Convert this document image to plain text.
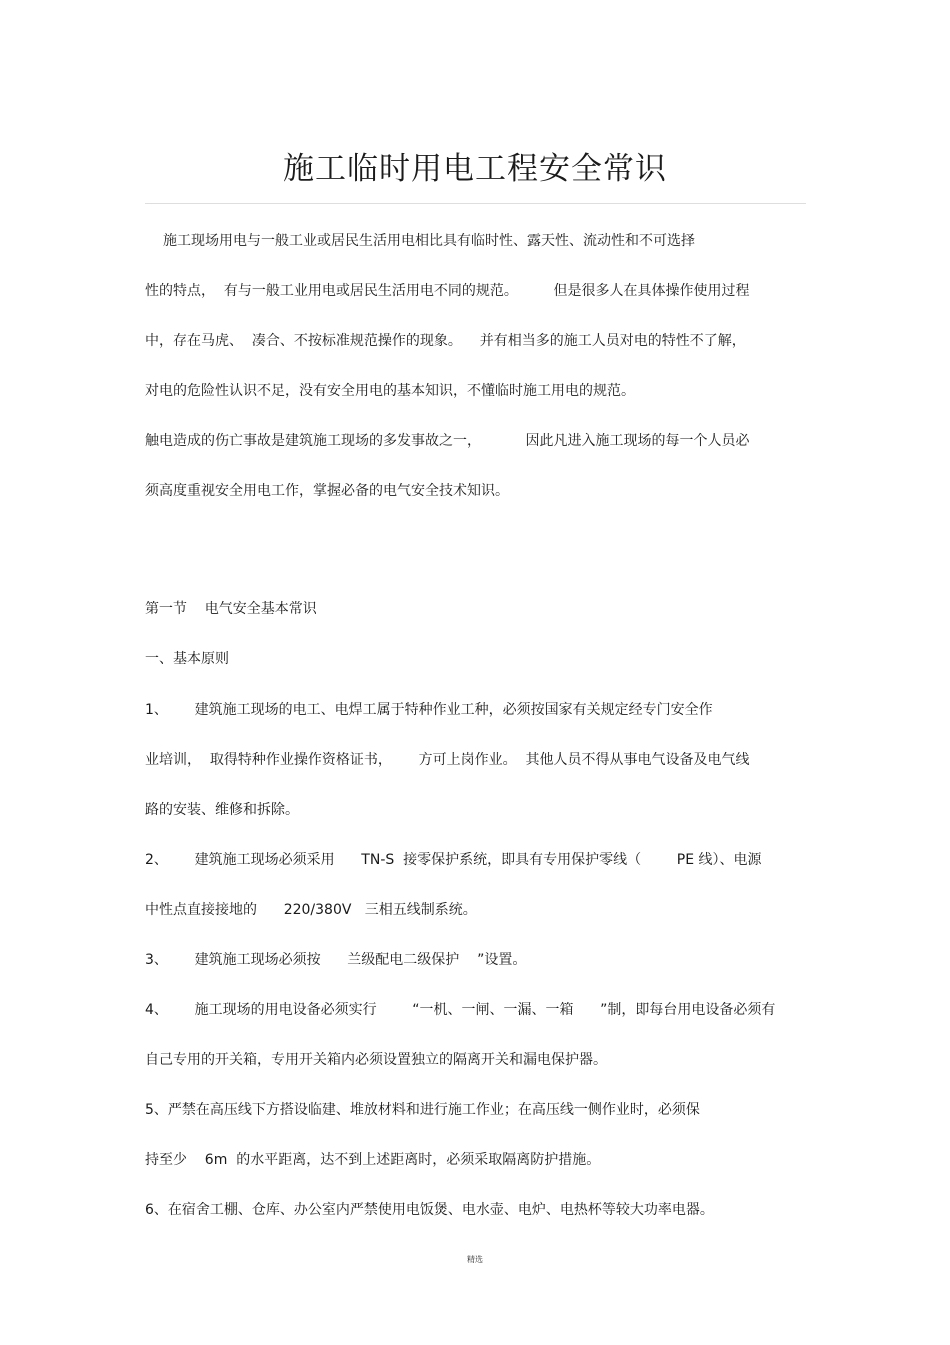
施工临时用电工程安全常识

施工现场用电与一般工业或居民生活用电相比具有临时性、露天性、流动性和不可选择

性的特点，  有与一般工业用电或居民生活用电不同的规范。        但是很多人在具体操作使用过程

中，存在马虎、  凑合、不按标准规范操作的现象。    并有相当多的施工人员对电的特性不了解，

对电的危险性认识不足，没有安全用电的基本知识，不懂临时施工用电的规范。

触电造成的伤亡事故是建筑施工现场的多发事故之一，          因此凡进入施工现场的每一个人员必

须高度重视安全用电工作，掌握必备的电气安全技术知识。

第一节    电气安全基本常识

一、基本原则

1、      建筑施工现场的电工、电焊工属于特种作业工种，必须按国家有关规定经专门安全作

业培训，  取得特种作业操作资格证书，      方可上岗作业。  其他人员不得从事电气设备及电气线

路的安装、维修和拆除。

2、      建筑施工现场必须采用      TN-S  接零保护系统，即具有专用保护零线（        PE 线）、电源

中性点直接接地的      220/380V   三相五线制系统。

3、      建筑施工现场必须按      兰级配电二级保护    ”设置。

4、      施工现场的用电设备必须实行        “一机、一闸、一漏、一箱      ”制，即每台用电设备必须有

自己专用的开关箱，专用开关箱内必须设置独立的隔离开关和漏电保护器。

5、严禁在高压线下方搭设临建、堆放材料和进行施工作业；在高压线一侧作业时，必须保

持至少    6m  的水平距离，达不到上述距离时，必须采取隔离防护措施。

6、在宿舍工棚、仓库、办公室内严禁使用电饭煲、电水壶、电炉、电热杯等较大功率电器。

精选
